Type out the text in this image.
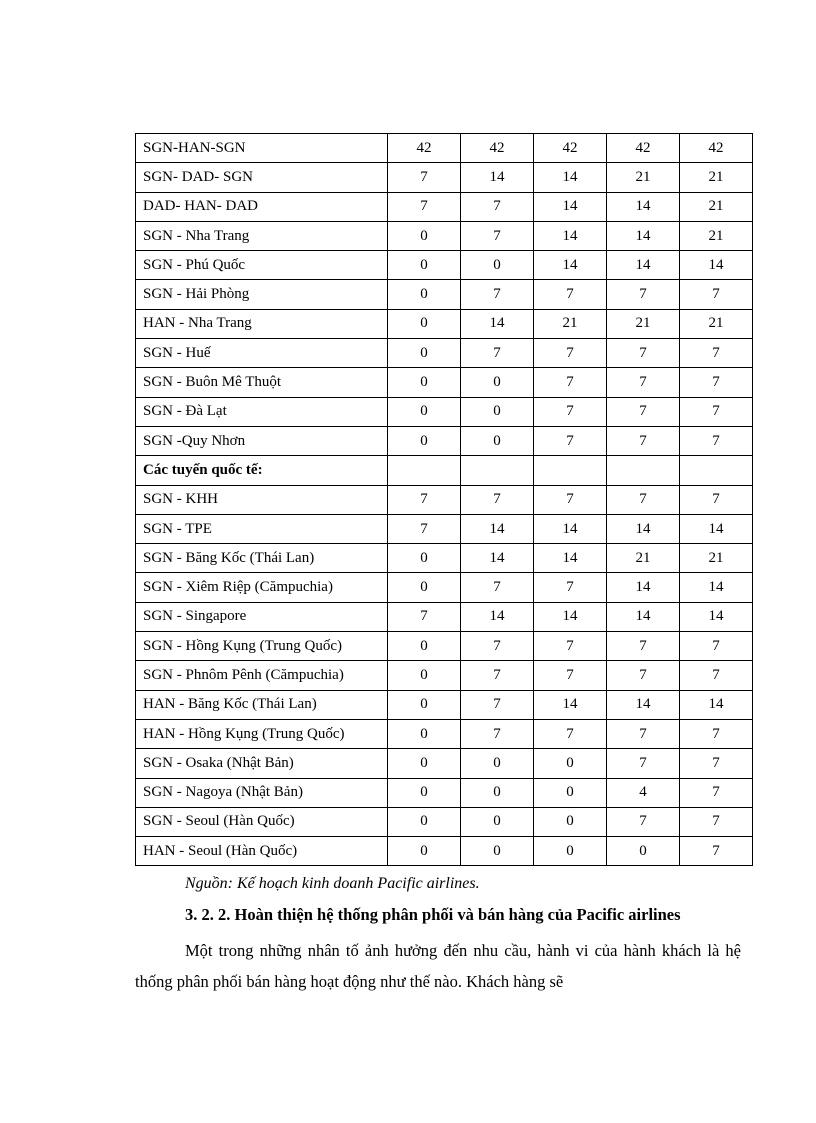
SGN-HAN-SGN	42	42	42	42	42
SGN- DAD- SGN	7	14	14	21	21
DAD- HAN- DAD	7	7	14	14	21
SGN - Nha Trang	0	7	14	14	21
SGN - Phú Quốc	0	0	14	14	14
SGN - Hải Phòng	0	7	7	7	7
HAN - Nha Trang	0	14	21	21	21
SGN - Huế	0	7	7	7	7
SGN - Buôn Mê Thuột	0	0	7	7	7
SGN - Đà Lạt	0	0	7	7	7
SGN -Quy Nhơn	0	0	7	7	7
Các tuyến quốc tế:					
SGN - KHH	7	7	7	7	7
SGN - TPE	7	14	14	14	14
SGN - Băng Kốc (Thái Lan)	0	14	14	21	21
SGN - Xiêm Riệp (Cămpuchia)	0	7	7	14	14
SGN - Singapore	7	14	14	14	14
SGN - Hồng Kụng (Trung Quốc)	0	7	7	7	7
SGN - Phnôm Pênh (Cămpuchia)	0	7	7	7	7
HAN - Băng Kốc (Thái Lan)	0	7	14	14	14
HAN - Hồng Kụng (Trung Quốc)	0	7	7	7	7
SGN - Osaka (Nhật Bản)	0	0	0	7	7
SGN - Nagoya (Nhật Bản)	0	0	0	4	7
SGN - Seoul (Hàn Quốc)	0	0	0	7	7
HAN - Seoul (Hàn Quốc)	0	0	0	0	7
Nguồn: Kế hoạch kinh doanh Pacific airlines.
3. 2. 2. Hoàn thiện hệ thống phân phối và bán hàng của Pacific airlines

Một trong những nhân tố ảnh hưởng đến nhu cầu, hành vi của hành khách là hệ thống phân phối bán hàng hoạt động như thế nào. Khách hàng sẽ
